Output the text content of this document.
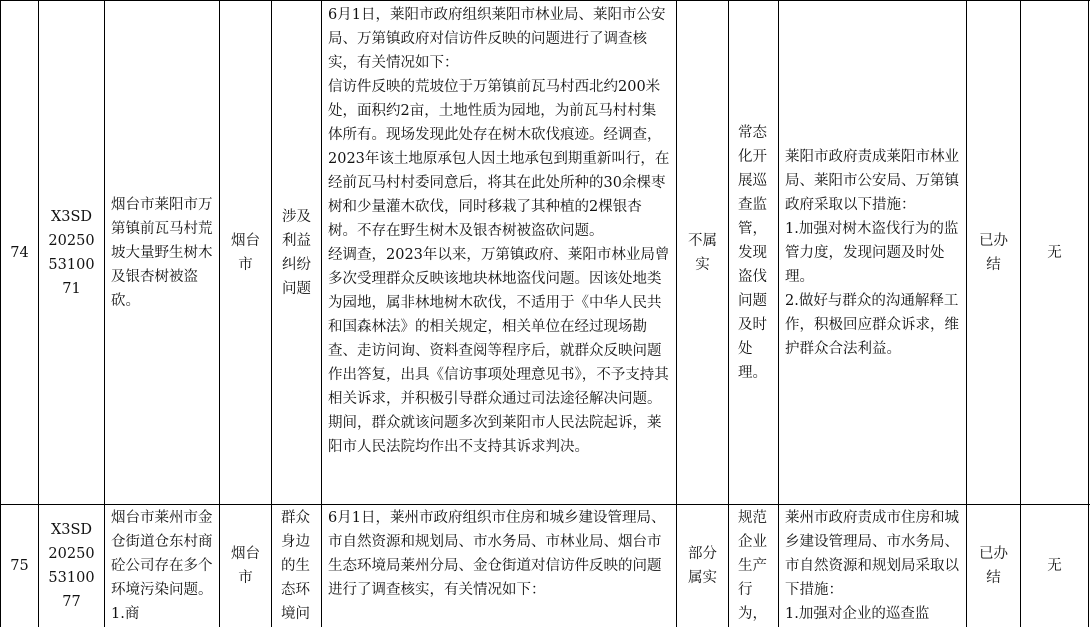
74
X3SD20250531​0071
烟台市莱阳市万第镇前瓦马村荒坡大量野生树木及银杏树被盗砍。
烟台市
涉及利益纠纷问题
6月1日，莱阳市政府组织莱阳市林业局、莱阳市公安局、万第镇政府对信访件反映的问题进行了调查核实，有关情况如下：
信访件反映的荒坡位于万第镇前瓦马村西北约200米处，面积约2亩，土地性质为园地，为前瓦马村村集体所有。现场发现此处存在树木砍伐痕迹。经调查，2023年该土地原承包人因土地承包到期重新叫行，在经前瓦马村村委同意后，将其在此处所种的30余棵枣树和少量灌木砍伐，同时移栽了其种植的2棵银杏树。不存在野生树木及银杏树被盗砍问题。
经调查，2023年以来，万第镇政府、莱阳市林业局曾多次受理群众反映该地块林地盗伐问题。因该处地类为园地，属非林地树木砍伐，不适用于《中华人民共和国森林法》的相关规定，相关单位在经过现场勘查、走访问询、资料查阅等程序后，就群众反映问题作出答复，出具《信访事项处理意见书》，不予支持其相关诉求，并积极引导群众通过司法途径解决问题。期间，群众就该问题多次到莱阳市人民法院起诉，莱阳市人民法院均作出不支持其诉求判决。
不属实
常态化开展巡查监管，发现盗伐问题及时处理。
莱阳市政府责成莱阳市林业局、莱阳市公安局、万第镇政府采取以下措施：
1.加强对树木盗伐行为的监管力度，发现问题及时处理。
2.做好与群众的沟通解释工作，积极回应群众诉求，维护群众合法利益。
已办结
无
75
X3SD20250531​0077
烟台市莱州市金仓街道仓东村商砼公司存在多个环境污染问题。1.商
烟台市
群众身边的生态环境问
6月1日，莱州市政府组织市住房和城乡建设管理局、市自然资源和规划局、市水务局、市林业局、烟台市生态环境局莱州分局、金仓街道对信访件反映的问题进行了调查核实，有关情况如下：
部分属实
规范企业生产行为，
莱州市政府责成市住房和城乡建设管理局、市水务局、市自然资源和规划局采取以下措施：
1.加强对企业的巡查监
已办结
无
